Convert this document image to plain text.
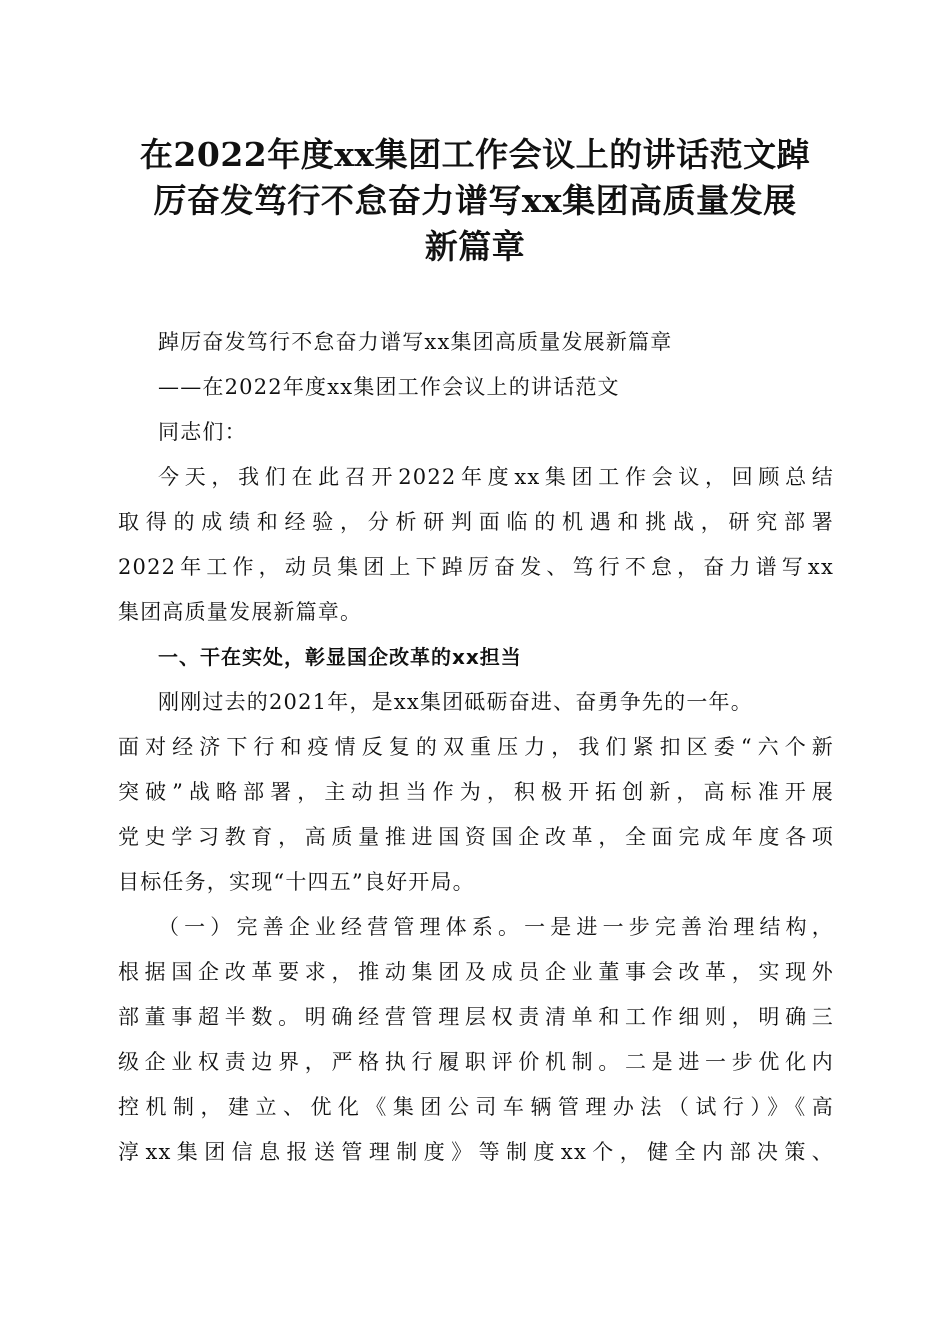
在2022年度xx集团工作会议上的讲话范文踔
厉奋发笃行不怠奋力谱写xx集团高质量发展
新篇章
踔厉奋发笃行不怠奋力谱写xx集团高质量发展新篇章
——在2022年度xx集团工作会议上的讲话范文
同志们：
今天，我们在此召开2022年度xx集团工作会议，回顾总结
取得的成绩和经验，分析研判面临的机遇和挑战，研究部署
2022年工作，动员集团上下踔厉奋发、笃行不怠，奋力谱写xx
集团高质量发展新篇章。
一、干在实处，彰显国企改革的xx担当
刚刚过去的2021年，是xx集团砥砺奋进、奋勇争先的一年。
面对经济下行和疫情反复的双重压力，我们紧扣区委“六个新
突破”战略部署，主动担当作为，积极开拓创新，高标准开展
党史学习教育，高质量推进国资国企改革，全面完成年度各项
目标任务，实现“十四五”良好开局。
（一）完善企业经营管理体系。一是进一步完善治理结构，
根据国企改革要求，推动集团及成员企业董事会改革，实现外
部董事超半数。明确经营管理层权责清单和工作细则，明确三
级企业权责边界，严格执行履职评价机制。二是进一步优化内
控机制，建立、优化《集团公司车辆管理办法（试行）》《高
淳xx集团信息报送管理制度》等制度xx个，健全内部决策、
